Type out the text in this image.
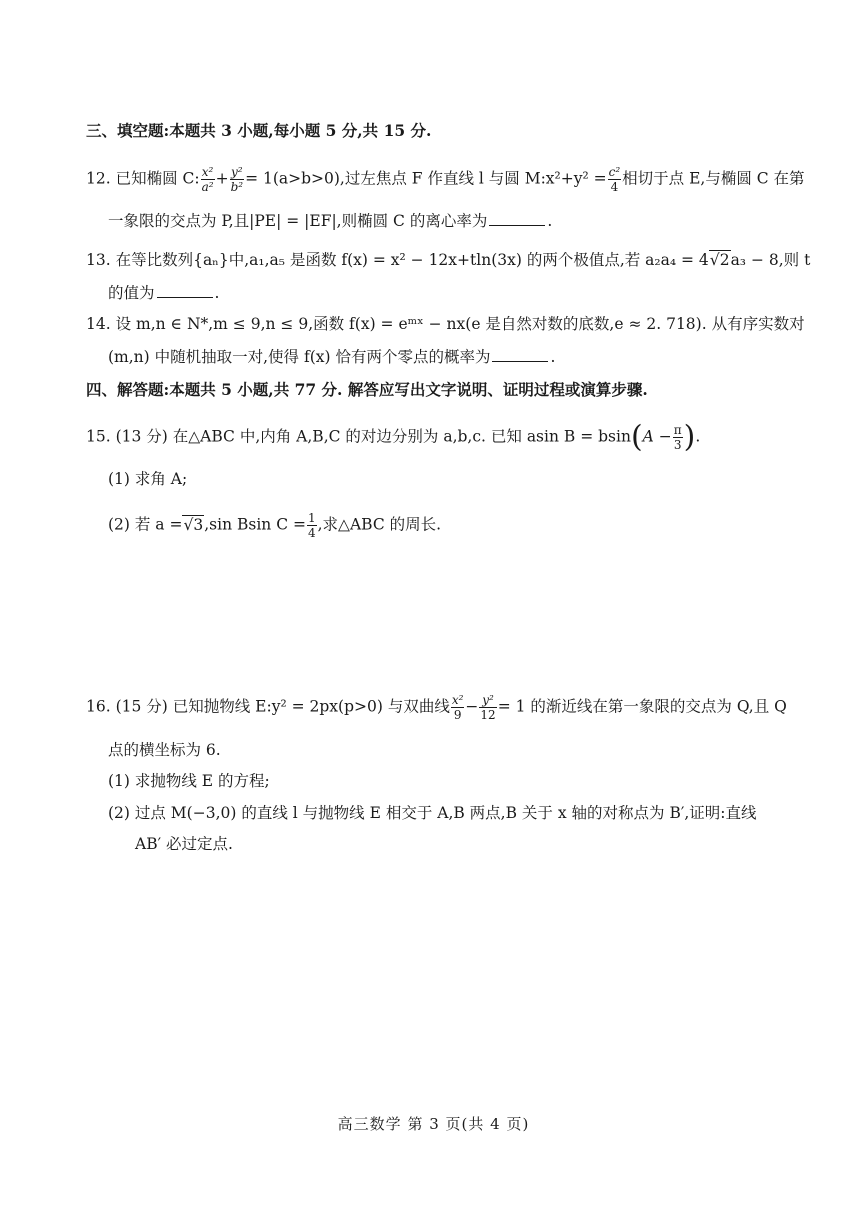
三、填空题:本题共 3 小题,每小题 5 分,共 15 分.
12. 已知椭圆 C: $\frac{\text{x²}}{\text{a²}} + \frac{\text{y²}}{\text{b²}} = 1(a>b>0)$,过左焦点 F 作直线 l 与圆 M:x²+y² = $\frac{\text{c²}}{4}$ 相切于点 E,与椭圆 C 在第
一象限的交点为 P,且|PE| = |EF|,则椭圆 C 的离心率为	.
13. 在等比数列{aₙ}中,a₁,a₅ 是函数 f(x) = x² − 12x+tln(3x) 的两个极值点,若 a₂a₄ = 4√2a₃ − 8,则 t
的值为	.
14. 设 m,n ∈ N*,m ≤ 9,n ≤ 9,函数 f(x) = eᵐˣ − nx(e 是自然对数的底数,e ≈ 2. 718). 从有序实数对
(m,n) 中随机抽取一对,使得 f(x) 恰有两个零点的概率为	.
四、解答题:本题共 5 小题,共 77 分. 解答应写出文字说明、证明过程或演算步骤.
15. (13 分) 在△ABC 中,内角 A,B,C 的对边分别为 a,b,c. 已知 asin $B = bsin(A - \frac{\pi}{3}$ ).
(1) 求角 A;
(2) 若 a =√3,sin Bsin $C = \frac{1}{4}$ ,求△ABC 的周长.
16. (15 分) 已知抛物线 E:y² = 2px(p>0) 与双曲线 $\frac{\text{x²}}{9} - \frac{\text{y²}}{12} = 1$ 的渐近线在第一象限的交点为 Q,且 Q
点的横坐标为 6.
(1) 求抛物线 E 的方程;
(2) 过点 M(−3,0) 的直线 l 与抛物线 E 相交于 A,B 两点,B 关于 x 轴的对称点为 B′,证明:直线
AB′ 必过定点.
高三数学 第 3 页(共 4 页)
